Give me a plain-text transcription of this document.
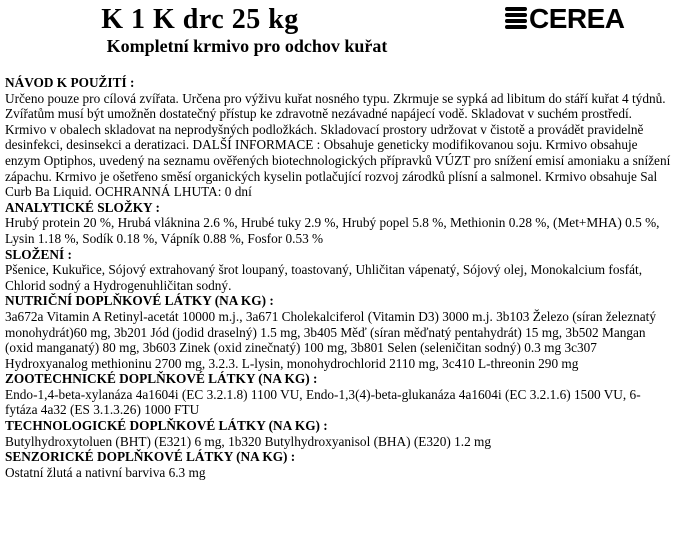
K 1 K drc 25 kg
Kompletní krmivo pro odchov kuřat
CEREA
NÁVOD K POUŽITÍ :
Určeno pouze pro cílová zvířata. Určena pro výživu kuřat nosného typu. Zkrmuje se sypká ad libitum do stáří kuřat 4 týdnů. Zvířatům musí být umožněn dostatečný přístup ke zdravotně nezávadné napájecí vodě. Skladovat v suchém prostředí. Krmivo v obalech skladovat na neprodyšných podložkách. Skladovací prostory udržovat v čistotě a provádět pravidelně desinfekci, desinsekci a deratizaci. DALŠÍ INFORMACE : Obsahuje geneticky modifikovanou soju. Krmivo obsahuje enzym Optiphos, uvedený na seznamu ověřených biotechnologických přípravků VÚZT pro snížení emisí amoniaku a snížení zápachu. Krmivo je ošetřeno směsí organických kyselin potlačující rozvoj zárodků plísní a salmonel. Krmivo obsahuje Sal Curb Ba Liquid. OCHRANNÁ LHUTA: 0 dní
ANALYTICKÉ SLOŽKY :
Hrubý protein 20 %, Hrubá vláknina 2.6 %, Hrubé tuky 2.9 %, Hrubý popel 5.8 %, Methionin 0.28 %, (Met+MHA) 0.5 %, Lysin 1.18 %, Sodík 0.18 %, Vápník 0.88 %, Fosfor 0.53 %
SLOŽENÍ :
Pšenice, Kukuřice, Sójový extrahovaný šrot loupaný, toastovaný, Uhličitan vápenatý, Sójový olej, Monokalcium fosfát, Chlorid sodný a Hydrogenuhličitan sodný.
NUTRIČNÍ DOPLŇKOVÉ LÁTKY (NA KG) :
3a672a Vitamin A Retinyl-acetát 10000 m.j., 3a671 Cholekalciferol (Vitamin D3) 3000 m.j. 3b103 Železo (síran železnatý monohydrát)60 mg, 3b201 Jód (jodid draselný) 1.5 mg, 3b405 Měď (síran měďnatý pentahydrát) 15 mg, 3b502 Mangan (oxid manganatý) 80 mg, 3b603 Zinek (oxid zinečnatý) 100 mg, 3b801 Selen (seleničitan sodný) 0.3 mg 3c307 Hydroxyanalog methioninu 2700 mg, 3.2.3. L-lysin, monohydrochlorid 2110 mg, 3c410 L-threonin 290 mg
ZOOTECHNICKÉ DOPLŇKOVÉ LÁTKY (NA KG) :
Endo-1,4-beta-xylanáza 4a1604i (EC 3.2.1.8) 1100 VU, Endo-1,3(4)-beta-glukanáza 4a1604i (EC 3.2.1.6) 1500 VU, 6-fytáza 4a32 (ES 3.1.3.26) 1000 FTU
TECHNOLOGICKÉ DOPLŇKOVÉ LÁTKY (NA KG) :
Butylhydroxytoluen (BHT) (E321) 6 mg, 1b320 Butylhydroxyanisol (BHA) (E320) 1.2 mg
SENZORICKÉ DOPLŇKOVÉ LÁTKY (NA KG) :
Ostatní žlutá a nativní barviva 6.3 mg
